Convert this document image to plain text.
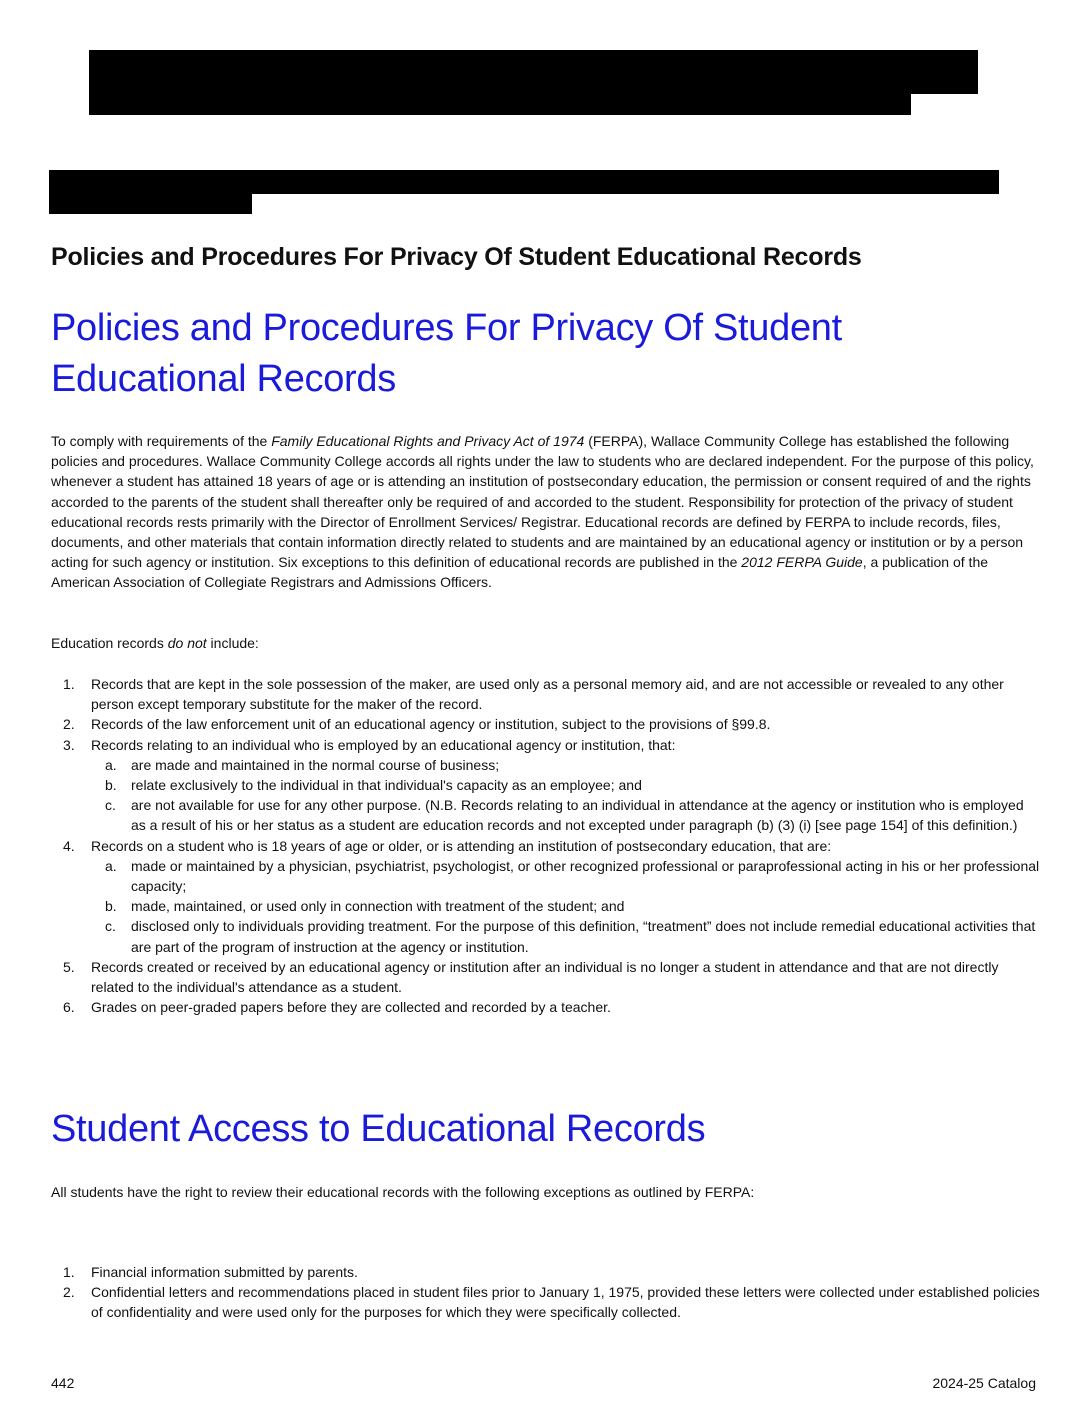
Policies and Procedures For Privacy Of Student Educational Records
Policies and Procedures For Privacy Of Student Educational Records

To comply with requirements of the Family Educational Rights and Privacy Act of 1974 (FERPA), Wallace Community College has established the following policies and procedures. Wallace Community College accords all rights under the law to students who are declared independent. For the purpose of this policy, whenever a student has attained 18 years of age or is attending an institution of postsecondary education, the permission or consent required of and the rights accorded to the parents of the student shall thereafter only be required of and accorded to the student. Responsibility for protection of the privacy of student educational records rests primarily with the Director of Enrollment Services/ Registrar. Educational records are defined by FERPA to include records, files, documents, and other materials that contain information directly related to students and are maintained by an educational agency or institution or by a person acting for such agency or institution. Six exceptions to this definition of educational records are published in the 2012 FERPA Guide, a publication of the American Association of Collegiate Registrars and Admissions Officers.

Education records do not include:

1. Records that are kept in the sole possession of the maker, are used only as a personal memory aid, and are not accessible or revealed to any other person except temporary substitute for the maker of the record.
2. Records of the law enforcement unit of an educational agency or institution, subject to the provisions of §99.8.
3. Records relating to an individual who is employed by an educational agency or institution, that:
a. are made and maintained in the normal course of business;
b. relate exclusively to the individual in that individual's capacity as an employee; and
c. are not available for use for any other purpose. (N.B. Records relating to an individual in attendance at the agency or institution who is employed as a result of his or her status as a student are education records and not excepted under paragraph (b) (3) (i) [see page 154] of this definition.)
4. Records on a student who is 18 years of age or older, or is attending an institution of postsecondary education, that are:
a. made or maintained by a physician, psychiatrist, psychologist, or other recognized professional or paraprofessional acting in his or her professional capacity;
b. made, maintained, or used only in connection with treatment of the student; and
c. disclosed only to individuals providing treatment. For the purpose of this definition, “treatment” does not include remedial educational activities that are part of the program of instruction at the agency or institution.
5. Records created or received by an educational agency or institution after an individual is no longer a student in attendance and that are not directly related to the individual's attendance as a student.
6. Grades on peer-graded papers before they are collected and recorded by a teacher.
Student Access to Educational Records

All students have the right to review their educational records with the following exceptions as outlined by FERPA:

1. Financial information submitted by parents.
2. Confidential letters and recommendations placed in student files prior to January 1, 1975, provided these letters were collected under established policies of confidentiality and were used only for the purposes for which they were specifically collected.
442	2024-25 Catalog
